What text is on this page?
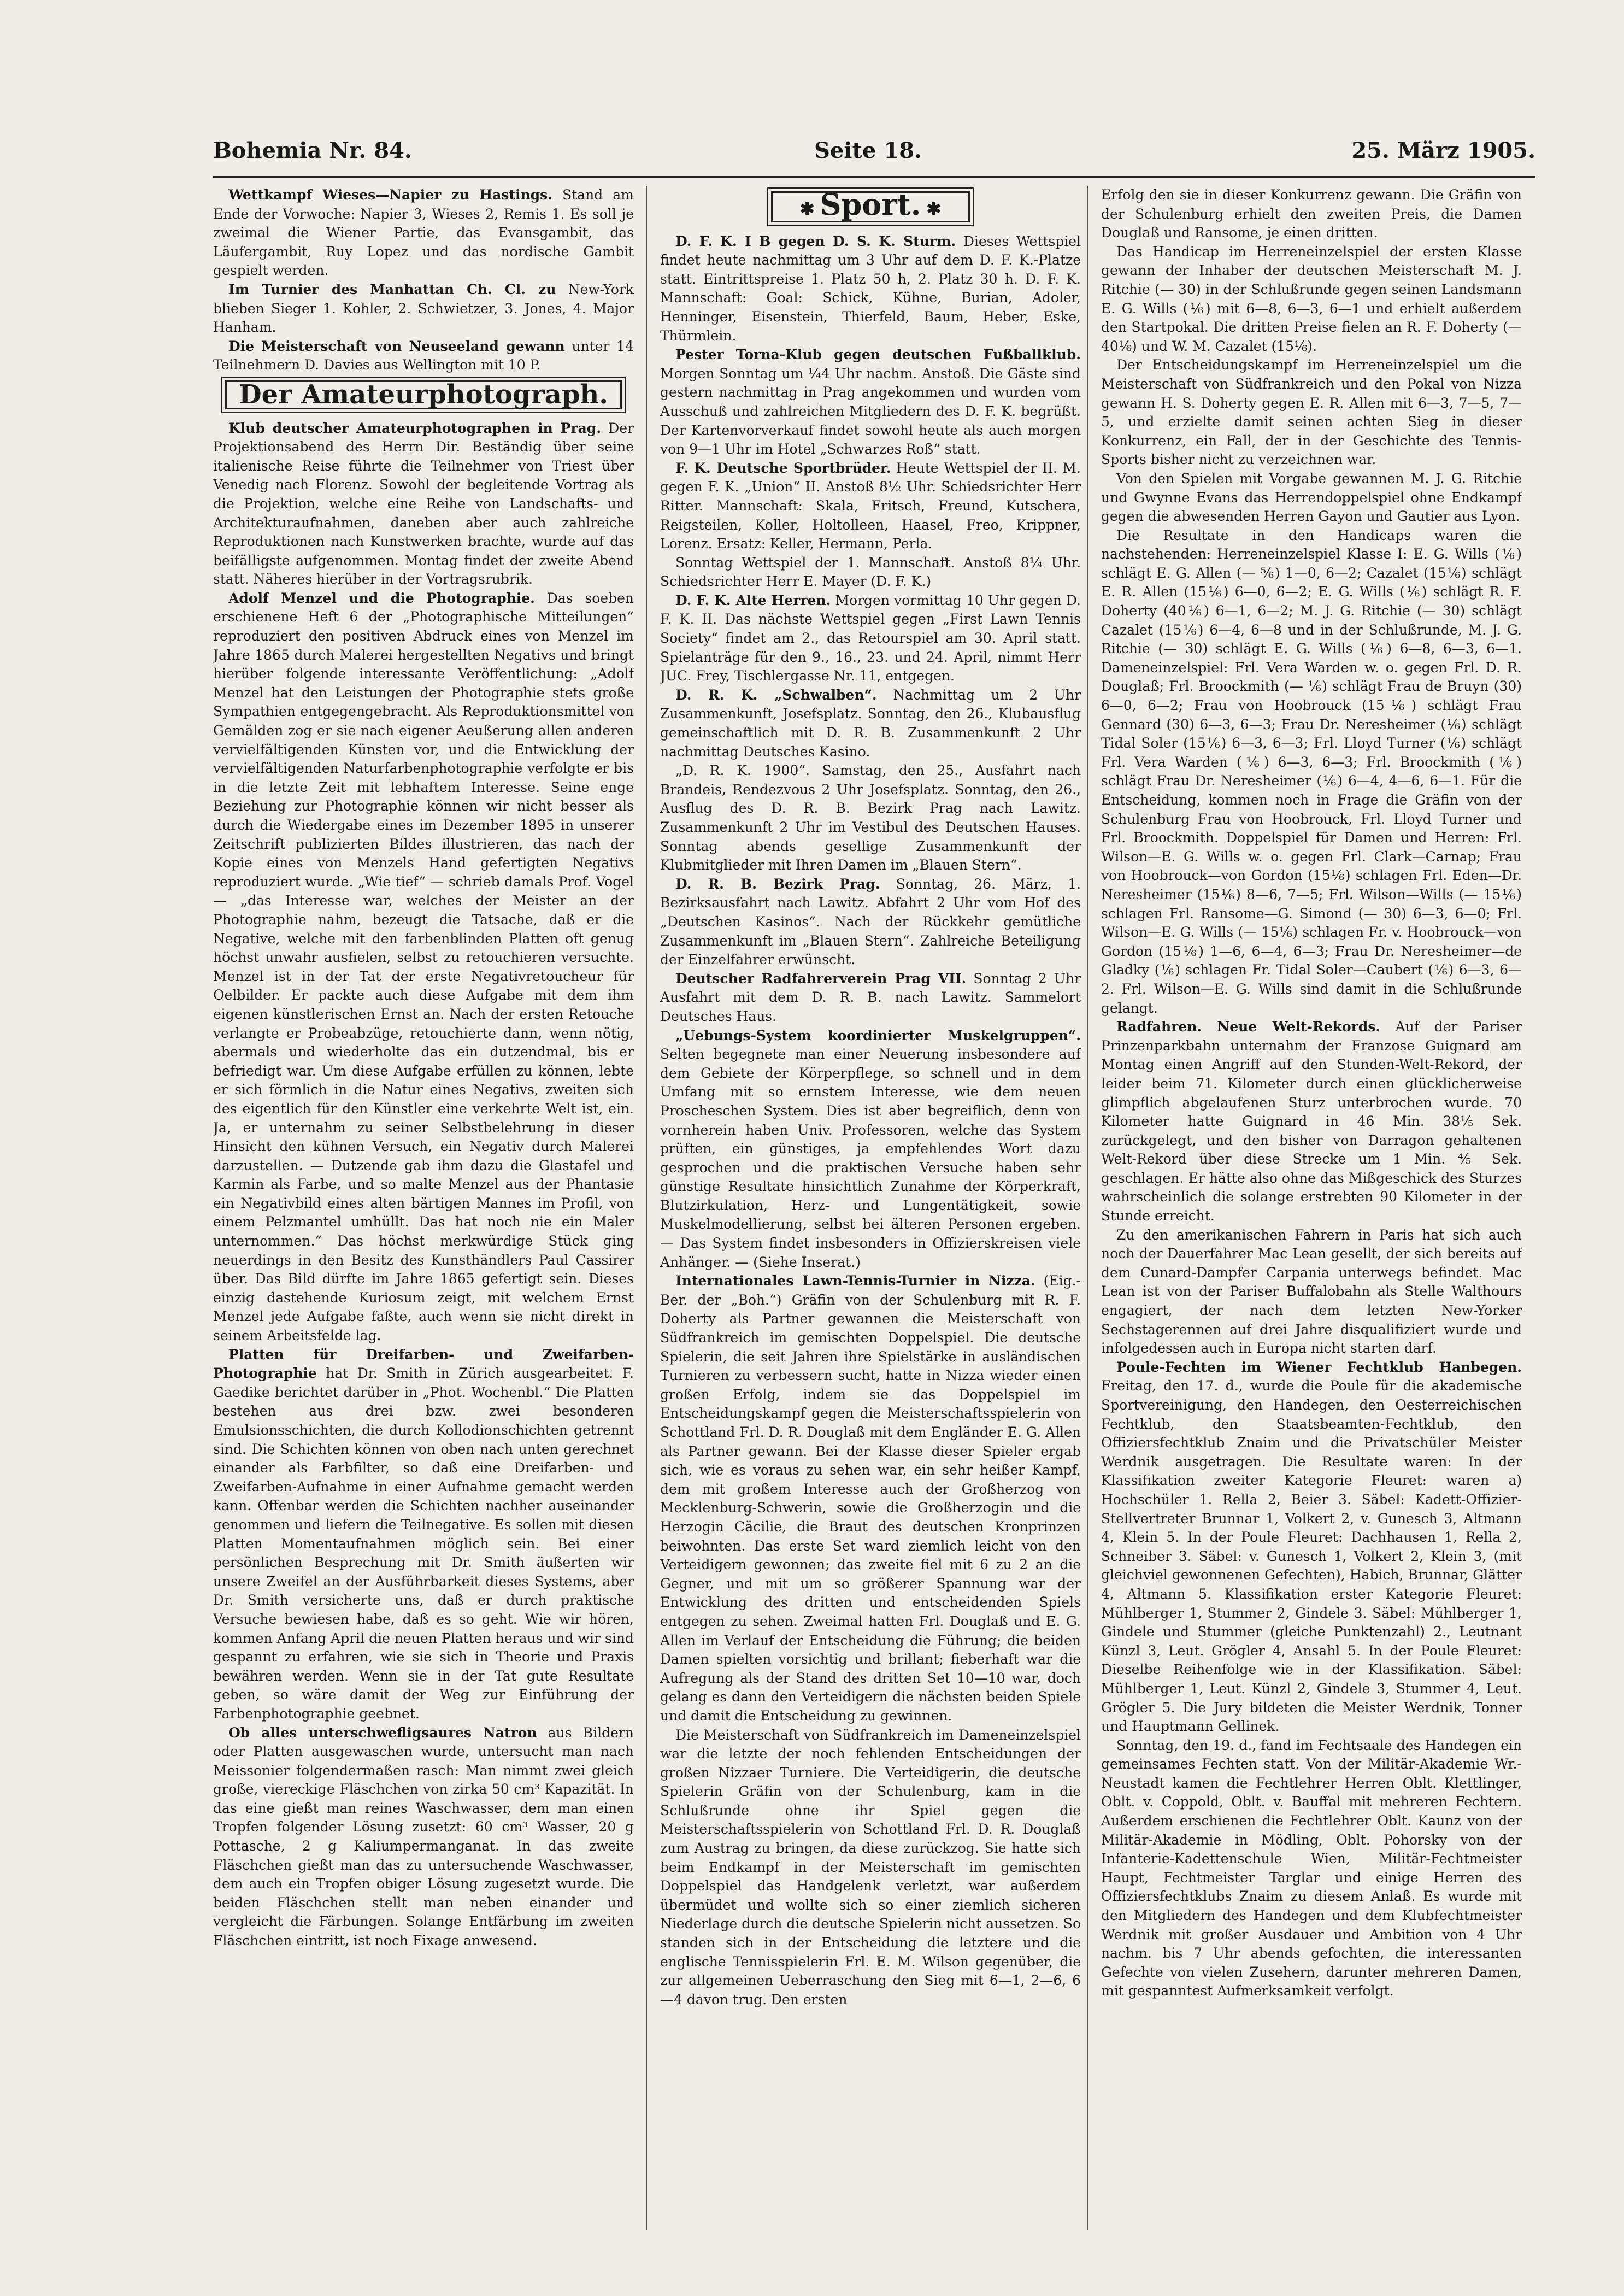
Bohemia Nr. 84.	Seite 18.	25. März 1905.

Wettkampf Wieses—Napier zu Hastings. Stand am Ende der Vorwoche: Napier 3, Wieses 2, Remis 1. Es soll je zweimal die Wiener Partie, das Evansgambit, das Läufergambit, Ruy Lopez und das nordische Gambit gespielt werden.

Im Turnier des Manhattan Ch. Cl. zu New-York blieben Sieger 1. Kohler, 2. Schwietzer, 3. Jones, 4. Major Hanham.

Die Meisterschaft von Neuseeland gewann unter 14 Teilnehmern D. Davies aus Wellington mit 10 P.

Der Amateurphotograph.

Klub deutscher Amateurphotographen in Prag. Der Projektionsabend des Herrn Dir. Beständig über seine italienische Reise führte die Teilnehmer von Triest über Venedig nach Florenz. Sowohl der begleitende Vortrag als die Projektion, welche eine Reihe von Landschafts- und Architekturaufnahmen, daneben aber auch zahlreiche Reproduktionen nach Kunstwerken brachte, wurde auf das beifälligste aufgenommen. Montag findet der zweite Abend statt. Näheres hierüber in der Vortragsrubrik.

Adolf Menzel und die Photographie. Das soeben erschienene Heft 6 der „Photographische Mitteilungen“ reproduziert den positiven Abdruck eines von Menzel im Jahre 1865 durch Malerei hergestellten Negativs und bringt hierüber folgende interessante Veröffentlichung: „Adolf Menzel hat den Leistungen der Photographie stets große Sympathien entgegengebracht. Als Reproduktionsmittel von Gemälden zog er sie nach eigener Aeußerung allen anderen vervielfältigenden Künsten vor, und die Entwicklung der vervielfältigenden Naturfarbenphotographie verfolgte er bis in die letzte Zeit mit lebhaftem Interesse. Seine enge Beziehung zur Photographie können wir nicht besser als durch die Wiedergabe eines im Dezember 1895 in unserer Zeitschrift publizierten Bildes illustrieren, das nach der Kopie eines von Menzels Hand gefertigten Negativs reproduziert wurde. „Wie tief“ — schrieb damals Prof. Vogel — „das Interesse war, welches der Meister an der Photographie nahm, bezeugt die Tatsache, daß er die Negative, welche mit den farbenblinden Platten oft genug höchst unwahr ausfielen, selbst zu retouchieren versuchte. Menzel ist in der Tat der erste Negativretoucheur für Oelbilder. Er packte auch diese Aufgabe mit dem ihm eigenen künstlerischen Ernst an. Nach der ersten Retouche verlangte er Probeabzüge, retouchierte dann, wenn nötig, abermals und wiederholte das ein dutzendmal, bis er befriedigt war. Um diese Aufgabe erfüllen zu können, lebte er sich förmlich in die Natur eines Negativs, zweiten sich des eigentlich für den Künstler eine verkehrte Welt ist, ein. Ja, er unternahm zu seiner Selbstbelehrung in dieser Hinsicht den kühnen Versuch, ein Negativ durch Malerei darzustellen. — Dutzende gab ihm dazu die Glastafel und Karmin als Farbe, und so malte Menzel aus der Phantasie ein Negativbild eines alten bärtigen Mannes im Profil, von einem Pelzmantel umhüllt. Das hat noch nie ein Maler unternommen.“ Das höchst merkwürdige Stück ging neuerdings in den Besitz des Kunsthändlers Paul Cassirer über. Das Bild dürfte im Jahre 1865 gefertigt sein. Dieses einzig dastehende Kuriosum zeigt, mit welchem Ernst Menzel jede Aufgabe faßte, auch wenn sie nicht direkt in seinem Arbeitsfelde lag.

Platten für Dreifarben- und Zweifarben-Photographie hat Dr. Smith in Zürich ausgearbeitet. F. Gaedike berichtet darüber in „Phot. Wochenbl.“ Die Platten bestehen aus drei bzw. zwei besonderen Emulsionsschichten, die durch Kollodionschichten getrennt sind. Die Schichten können von oben nach unten gerechnet einander als Farbfilter, so daß eine Dreifarben- und Zweifarben-Aufnahme in einer Aufnahme gemacht werden kann. Offenbar werden die Schichten nachher auseinander genommen und liefern die Teilnegative. Es sollen mit diesen Platten Momentaufnahmen möglich sein. Bei einer persönlichen Besprechung mit Dr. Smith äußerten wir unsere Zweifel an der Ausführbarkeit dieses Systems, aber Dr. Smith versicherte uns, daß er durch praktische Versuche bewiesen habe, daß es so geht. Wie wir hören, kommen Anfang April die neuen Platten heraus und wir sind gespannt zu erfahren, wie sie sich in Theorie und Praxis bewähren werden. Wenn sie in der Tat gute Resultate geben, so wäre damit der Weg zur Einführung der Farbenphotographie geebnet.

Ob alles unterschwefligsaures Natron aus Bildern oder Platten ausgewaschen wurde, untersucht man nach Meissonier folgendermaßen rasch: Man nimmt zwei gleich große, viereckige Fläschchen von zirka 50 cm³ Kapazität. In das eine gießt man reines Waschwasser, dem man einen Tropfen folgender Lösung zusetzt: 60 cm³ Wasser, 20 g Pottasche, 2 g Kaliumpermanganat. In das zweite Fläschchen gießt man das zu untersuchende Waschwasser, dem auch ein Tropfen obiger Lösung zugesetzt wurde. Die beiden Fläschchen stellt man neben einander und vergleicht die Färbungen. Solange Entfärbung im zweiten Fläschchen eintritt, ist noch Fixage anwesend.

✱ Sport. ✱

D. F. K. I B gegen D. S. K. Sturm. Dieses Wettspiel findet heute nachmittag um 3 Uhr auf dem D. F. K.-Platze statt. Eintrittspreise 1. Platz 50 h, 2. Platz 30 h. D. F. K. Mannschaft: Goal: Schick, Kühne, Burian, Adoler, Henninger, Eisenstein, Thierfeld, Baum, Heber, Eske, Thürmlein.

Pester Torna-Klub gegen deutschen Fußballklub. Morgen Sonntag um ¼4 Uhr nachm. Anstoß. Die Gäste sind gestern nachmittag in Prag angekommen und wurden vom Ausschuß und zahlreichen Mitgliedern des D. F. K. begrüßt. Der Kartenvorverkauf findet sowohl heute als auch morgen von 9—1 Uhr im Hotel „Schwarzes Roß“ statt.

F. K. Deutsche Sportbrüder. Heute Wettspiel der II. M. gegen F. K. „Union“ II. Anstoß 8½ Uhr. Schiedsrichter Herr Ritter. Mannschaft: Skala, Fritsch, Freund, Kutschera, Reigsteilen, Koller, Holtolleen, Haasel, Freo, Krippner, Lorenz. Ersatz: Keller, Hermann, Perla.

Sonntag Wettspiel der 1. Mannschaft. Anstoß 8¼ Uhr. Schiedsrichter Herr E. Mayer (D. F. K.)

D. F. K. Alte Herren. Morgen vormittag 10 Uhr gegen D. F. K. II. Das nächste Wettspiel gegen „First Lawn Tennis Society“ findet am 2., das Retourspiel am 30. April statt. Spielanträge für den 9., 16., 23. und 24. April, nimmt Herr JUC. Frey, Tischlergasse Nr. 11, entgegen.

D. R. K. „Schwalben“. Nachmittag um 2 Uhr Zusammenkunft, Josefsplatz. Sonntag, den 26., Klubausflug gemeinschaftlich mit D. R. B. Zusammenkunft 2 Uhr nachmittag Deutsches Kasino.

„D. R. K. 1900“. Samstag, den 25., Ausfahrt nach Brandeis, Rendezvous 2 Uhr Josefsplatz. Sonntag, den 26., Ausflug des D. R. B. Bezirk Prag nach Lawitz. Zusammenkunft 2 Uhr im Vestibul des Deutschen Hauses. Sonntag abends gesellige Zusammenkunft der Klubmitglieder mit Ihren Damen im „Blauen Stern“.

D. R. B. Bezirk Prag. Sonntag, 26. März, 1. Bezirksausfahrt nach Lawitz. Abfahrt 2 Uhr vom Hof des „Deutschen Kasinos“. Nach der Rückkehr gemütliche Zusammenkunft im „Blauen Stern“. Zahlreiche Beteiligung der Einzelfahrer erwünscht.

Deutscher Radfahrerverein Prag VII. Sonntag 2 Uhr Ausfahrt mit dem D. R. B. nach Lawitz. Sammelort Deutsches Haus.

„Uebungs-System koordinierter Muskelgruppen“. Selten begegnete man einer Neuerung insbesondere auf dem Gebiete der Körperpflege, so schnell und in dem Umfang mit so ernstem Interesse, wie dem neuen Proscheschen System. Dies ist aber begreiflich, denn von vornherein haben Univ. Professoren, welche das System prüften, ein günstiges, ja empfehlendes Wort dazu gesprochen und die praktischen Versuche haben sehr günstige Resultate hinsichtlich Zunahme der Körperkraft, Blutzirkulation, Herz- und Lungentätigkeit, sowie Muskelmodellierung, selbst bei älteren Personen ergeben. — Das System findet insbesonders in Offizierskreisen viele Anhänger. — (Siehe Inserat.)

Internationales Lawn-Tennis-Turnier in Nizza. (Eig.-Ber. der „Boh.“) Gräfin von der Schulenburg mit R. F. Doherty als Partner gewannen die Meisterschaft von Südfrankreich im gemischten Doppelspiel. Die deutsche Spielerin, die seit Jahren ihre Spielstärke in ausländischen Turnieren zu verbessern sucht, hatte in Nizza wieder einen großen Erfolg, indem sie das Doppelspiel im Entscheidungskampf gegen die Meisterschaftsspielerin von Schottland Frl. D. R. Douglaß mit dem Engländer E. G. Allen als Partner gewann. Bei der Klasse dieser Spieler ergab sich, wie es voraus zu sehen war, ein sehr heißer Kampf, dem mit großem Interesse auch der Großherzog von Mecklenburg-Schwerin, sowie die Großherzogin und die Herzogin Cäcilie, die Braut des deutschen Kronprinzen beiwohnten. Das erste Set ward ziemlich leicht von den Verteidigern gewonnen; das zweite fiel mit 6 zu 2 an die Gegner, und mit um so größerer Spannung war der Entwicklung des dritten und entscheidenden Spiels entgegen zu sehen. Zweimal hatten Frl. Douglaß und E. G. Allen im Verlauf der Entscheidung die Führung; die beiden Damen spielten vorsichtig und brillant; fieberhaft war die Aufregung als der Stand des dritten Set 10—10 war, doch gelang es dann den Verteidigern die nächsten beiden Spiele und damit die Entscheidung zu gewinnen.

Die Meisterschaft von Südfrankreich im Dameneinzelspiel war die letzte der noch fehlenden Entscheidungen der großen Nizzaer Turniere. Die Verteidigerin, die deutsche Spielerin Gräfin von der Schulenburg, kam in die Schlußrunde ohne ihr Spiel gegen die Meisterschaftsspielerin von Schottland Frl. D. R. Douglaß zum Austrag zu bringen, da diese zurückzog. Sie hatte sich beim Endkampf in der Meisterschaft im gemischten Doppelspiel das Handgelenk verletzt, war außerdem übermüdet und wollte sich so einer ziemlich sicheren Niederlage durch die deutsche Spielerin nicht aussetzen. So standen sich in der Entscheidung die letztere und die englische Tennisspielerin Frl. E. M. Wilson gegenüber, die zur allgemeinen Ueberraschung den Sieg mit 6—1, 2—6, 6—4 davon trug. Den ersten

Erfolg den sie in dieser Konkurrenz gewann. Die Gräfin von der Schulenburg erhielt den zweiten Preis, die Damen Douglaß und Ransome, je einen dritten.

Das Handicap im Herreneinzelspiel der ersten Klasse gewann der Inhaber der deutschen Meisterschaft M. J. Ritchie (— 30) in der Schlußrunde gegen seinen Landsmann E. G. Wills (⅙) mit 6—8, 6—3, 6—1 und erhielt außerdem den Startpokal. Die dritten Preise fielen an R. F. Doherty (— 40⅙) und W. M. Cazalet (15⅙).

Der Entscheidungskampf im Herreneinzelspiel um die Meisterschaft von Südfrankreich und den Pokal von Nizza gewann H. S. Doherty gegen E. R. Allen mit 6—3, 7—5, 7—5, und erzielte damit seinen achten Sieg in dieser Konkurrenz, ein Fall, der in der Geschichte des Tennis-Sports bisher nicht zu verzeichnen war.

Von den Spielen mit Vorgabe gewannen M. J. G. Ritchie und Gwynne Evans das Herrendoppelspiel ohne Endkampf gegen die abwesenden Herren Gayon und Gautier aus Lyon.

Die Resultate in den Handicaps waren die nachstehenden: Herreneinzelspiel Klasse I: E. G. Wills (⅙) schlägt E. G. Allen (— ⅚) 1—0, 6—2; Cazalet (15⅙) schlägt E. R. Allen (15⅙) 6—0, 6—2; E. G. Wills (⅙) schlägt R. F. Doherty (40⅙) 6—1, 6—2; M. J. G. Ritchie (— 30) schlägt Cazalet (15⅙) 6—4, 6—8 und in der Schlußrunde, M. J. G. Ritchie (— 30) schlägt E. G. Wills (⅙) 6—8, 6—3, 6—1. Dameneinzelspiel: Frl. Vera Warden w. o. gegen Frl. D. R. Douglaß; Frl. Broockmith (— ⅙) schlägt Frau de Bruyn (30) 6—0, 6—2; Frau von Hoobrouck (15⅙) schlägt Frau Gennard (30) 6—3, 6—3; Frau Dr. Neresheimer (⅙) schlägt Tidal Soler (15⅙) 6—3, 6—3; Frl. Lloyd Turner (⅙) schlägt Frl. Vera Warden (⅙) 6—3, 6—3; Frl. Broockmith (⅙) schlägt Frau Dr. Neresheimer (⅙) 6—4, 4—6, 6—1. Für die Entscheidung, kommen noch in Frage die Gräfin von der Schulenburg Frau von Hoobrouck, Frl. Lloyd Turner und Frl. Broockmith. Doppelspiel für Damen und Herren: Frl. Wilson—E. G. Wills w. o. gegen Frl. Clark—Carnap; Frau von Hoobrouck—von Gordon (15⅙) schlagen Frl. Eden—Dr. Neresheimer (15⅙) 8—6, 7—5; Frl. Wilson—Wills (— 15⅙) schlagen Frl. Ransome—G. Simond (— 30) 6—3, 6—0; Frl. Wilson—E. G. Wills (— 15⅙) schlagen Fr. v. Hoobrouck—von Gordon (15⅙) 1—6, 6—4, 6—3; Frau Dr. Neresheimer—de Gladky (⅙) schlagen Fr. Tidal Soler—Caubert (⅙) 6—3, 6—2. Frl. Wilson—E. G. Wills sind damit in die Schlußrunde gelangt.

Radfahren. Neue Welt-Rekords. Auf der Pariser Prinzenparkbahn unternahm der Franzose Guignard am Montag einen Angriff auf den Stunden-Welt-Rekord, der leider beim 71. Kilometer durch einen glücklicherweise glimpflich abgelaufenen Sturz unterbrochen wurde. 70 Kilometer hatte Guignard in 46 Min. 38⅕ Sek. zurückgelegt, und den bisher von Darragon gehaltenen Welt-Rekord über diese Strecke um 1 Min. ⅘ Sek. geschlagen. Er hätte also ohne das Mißgeschick des Sturzes wahrscheinlich die solange erstrebten 90 Kilometer in der Stunde erreicht.

Zu den amerikanischen Fahrern in Paris hat sich auch noch der Dauerfahrer Mac Lean gesellt, der sich bereits auf dem Cunard-Dampfer Carpania unterwegs befindet. Mac Lean ist von der Pariser Buffalobahn als Stelle Walthours engagiert, der nach dem letzten New-Yorker Sechstagerennen auf drei Jahre disqualifiziert wurde und infolgedessen auch in Europa nicht starten darf.

Poule-Fechten im Wiener Fechtklub Hanbegen. Freitag, den 17. d., wurde die Poule für die akademische Sportvereinigung, den Handegen, den Oesterreichischen Fechtklub, den Staatsbeamten-Fechtklub, den Offiziersfechtklub Znaim und die Privatschüler Meister Werdnik ausgetragen. Die Resultate waren: In der Klassifikation zweiter Kategorie Fleuret: waren a) Hochschüler 1. Rella 2, Beier 3. Säbel: Kadett-Offizier-Stellvertreter Brunnar 1, Volkert 2, v. Gunesch 3, Altmann 4, Klein 5. In der Poule Fleuret: Dachhausen 1, Rella 2, Schneiber 3. Säbel: v. Gunesch 1, Volkert 2, Klein 3, (mit gleichviel gewonnenen Gefechten), Habich, Brunnar, Glätter 4, Altmann 5. Klassifikation erster Kategorie Fleuret: Mühlberger 1, Stummer 2, Gindele 3. Säbel: Mühlberger 1, Gindele und Stummer (gleiche Punktenzahl) 2., Leutnant Künzl 3, Leut. Grögler 4, Ansahl 5. In der Poule Fleuret: Dieselbe Reihenfolge wie in der Klassifikation. Säbel: Mühlberger 1, Leut. Künzl 2, Gindele 3, Stummer 4, Leut. Grögler 5. Die Jury bildeten die Meister Werdnik, Tonner und Hauptmann Gellinek.

Sonntag, den 19. d., fand im Fechtsaale des Handegen ein gemeinsames Fechten statt. Von der Militär-Akademie Wr.-Neustadt kamen die Fechtlehrer Herren Oblt. Klettlinger, Oblt. v. Coppold, Oblt. v. Bauffal mit mehreren Fechtern. Außerdem erschienen die Fechtlehrer Oblt. Kaunz von der Militär-Akademie in Mödling, Oblt. Pohorsky von der Infanterie-Kadettenschule Wien, Militär-Fechtmeister Haupt, Fechtmeister Targlar und einige Herren des Offiziersfechtklubs Znaim zu diesem Anlaß. Es wurde mit den Mitgliedern des Handegen und dem Klubfechtmeister Werdnik mit großer Ausdauer und Ambition von 4 Uhr nachm. bis 7 Uhr abends gefochten, die interessanten Gefechte von vielen Zusehern, darunter mehreren Damen, mit gespanntest Aufmerksamkeit verfolgt.
